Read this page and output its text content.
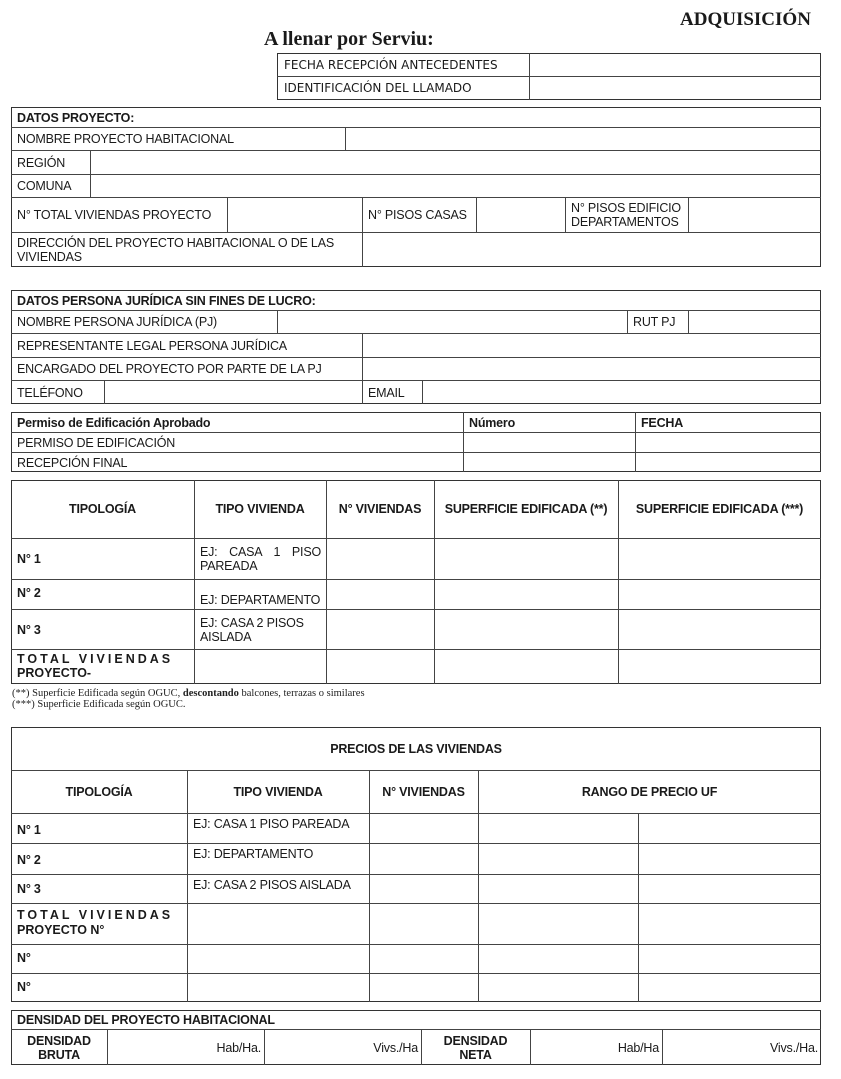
ADQUISICIÓN
A llenar por Serviu:
FECHA RECEPCIÓN ANTECEDENTES
IDENTIFICACIÓN DEL LLAMADO
DATOS PROYECTO:
NOMBRE PROYECTO HABITACIONAL
REGIÓN
COMUNA
N° TOTAL VIVIENDAS PROYECTO	N° PISOS CASAS	N° PISOS EDIFICIO DEPARTAMENTOS
DIRECCIÓN DEL PROYECTO HABITACIONAL O DE LAS VIVIENDAS
DATOS PERSONA JURÍDICA SIN FINES DE LUCRO:
NOMBRE PERSONA JURÍDICA (PJ)	RUT PJ
REPRESENTANTE LEGAL PERSONA JURÍDICA
ENCARGADO DEL PROYECTO POR PARTE DE LA PJ
TELÉFONO	EMAIL
Permiso de Edificación Aprobado	Número	FECHA
PERMISO DE EDIFICACIÓN
RECEPCIÓN FINAL
TIPOLOGÍA	TIPO VIVIENDA	N° VIVIENDAS	SUPERFICIE EDIFICADA (**)	SUPERFICIE EDIFICADA (***)
N° 1	EJ: CASA 1 PISO PAREADA
N° 2	EJ: DEPARTAMENTO
N° 3	EJ: CASA 2 PISOS AISLADA
TOTAL VIVIENDAS
PROYECTO-
(**) Superficie Edificada según OGUC, descontando balcones, terrazas o similares
(***) Superficie Edificada según OGUC.
PRECIOS DE LAS VIVIENDAS
TIPOLOGÍA	TIPO VIVIENDA	N° VIVIENDAS	RANGO DE PRECIO UF
N° 1	EJ: CASA 1 PISO PAREADA
N° 2	EJ: DEPARTAMENTO
N° 3	EJ: CASA 2 PISOS AISLADA
TOTAL VIVIENDAS
PROYECTO N°
N°
N°
DENSIDAD DEL PROYECTO HABITACIONAL
DENSIDAD BRUTA	Hab/Ha.	Vivs./Ha	DENSIDAD NETA	Hab/Ha	Vivs./Ha.
